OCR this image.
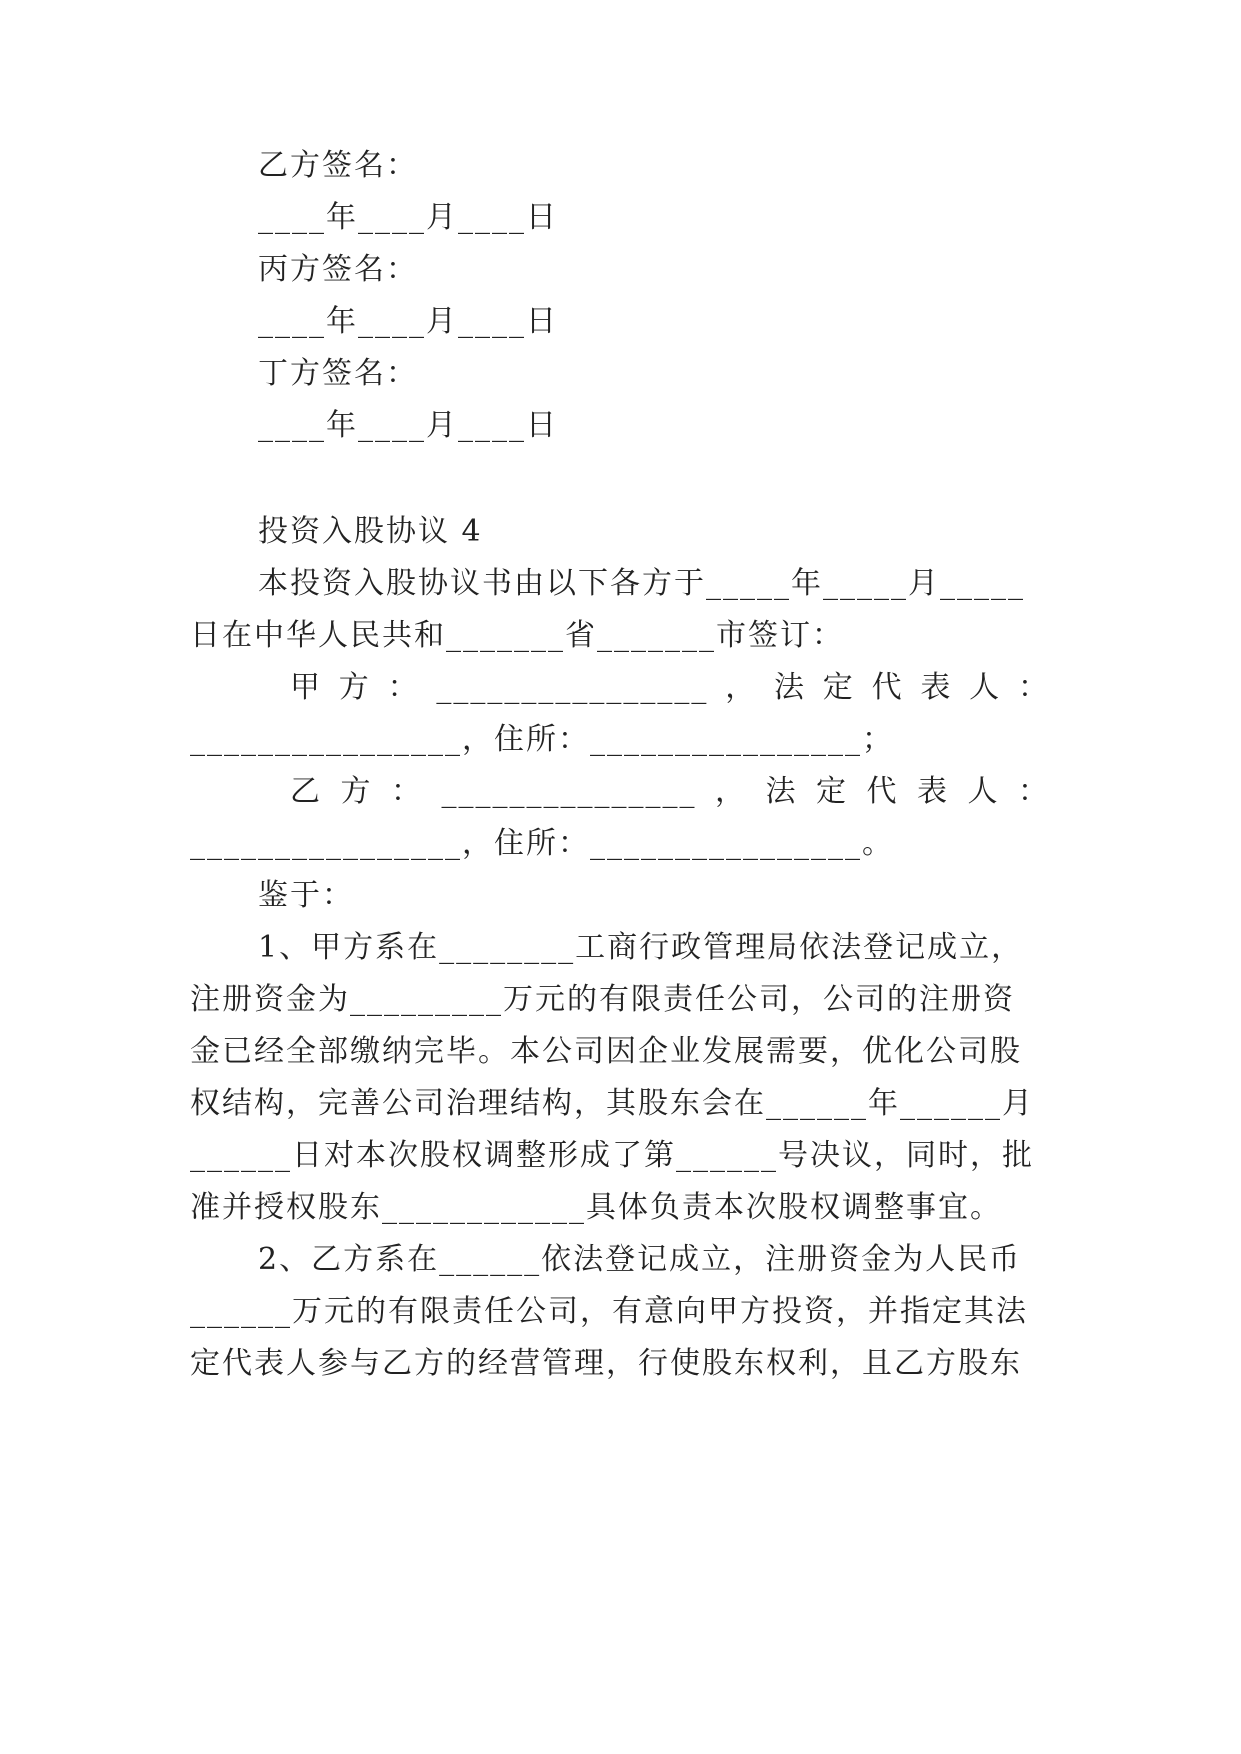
乙方签名：
____年____月____日
丙方签名：
____年____月____日
丁方签名：
____年____月____日
投资入股协议 4
本投资入股协议书由以下各方于_____年_____月_____
日在中华人民共和_______省_______市签订：
甲 方 ： ________________ ， 法 定 代 表 人 ：
________________，住所：________________；
乙 方 ： _______________ ， 法 定 代 表 人 ：
________________，住所：________________。
鉴于：
1、甲方系在________工商行政管理局依法登记成立，
注册资金为_________万元的有限责任公司，公司的注册资
金已经全部缴纳完毕。本公司因企业发展需要，优化公司股
权结构，完善公司治理结构，其股东会在______年______月
______日对本次股权调整形成了第______号决议，同时，批
准并授权股东____________具体负责本次股权调整事宜。
2、乙方系在______依法登记成立，注册资金为人民币
______万元的有限责任公司，有意向甲方投资，并指定其法
定代表人参与乙方的经营管理，行使股东权利，且乙方股东
